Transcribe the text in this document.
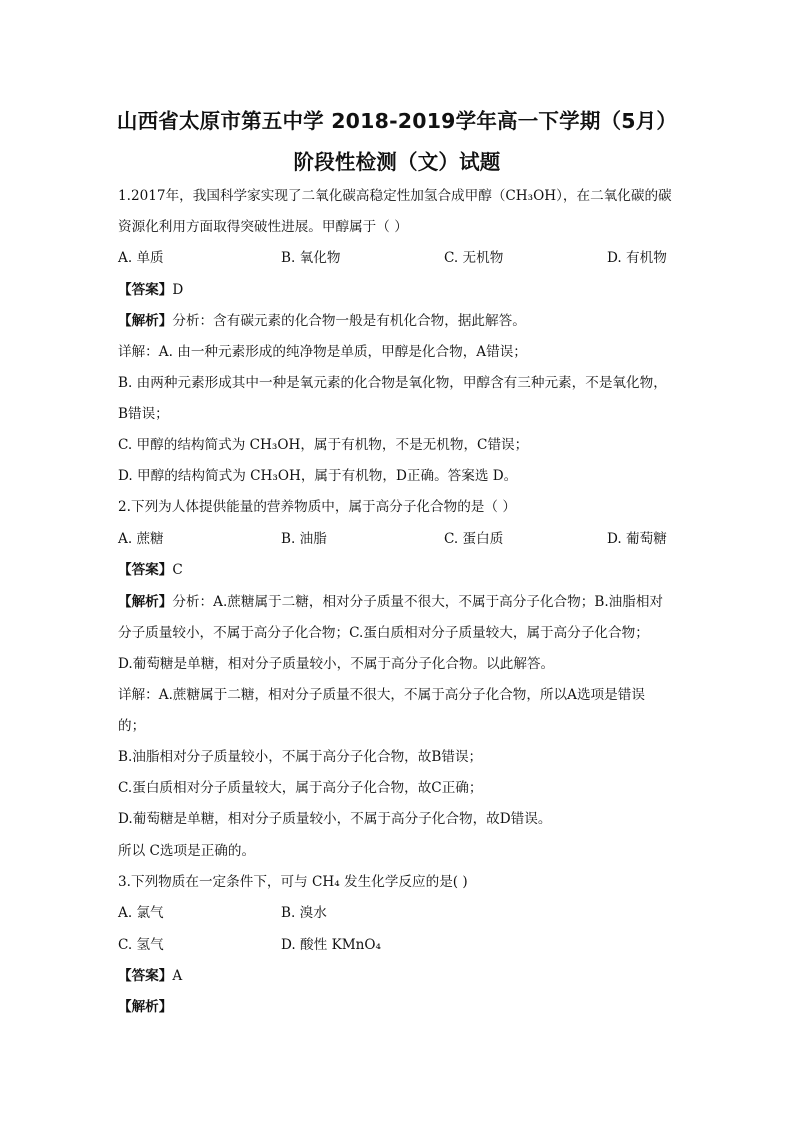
山西省太原市第五中学 2018-2019学年高一下学期（5月）
阶段性检测（文）试题
1.2017年，我国科学家实现了二氧化碳高稳定性加氢合成甲醇（CH₃OH），在二氧化碳的碳
资源化利用方面取得突破性进展。甲醇属于（ ）
A. 单质	B. 氧化物	C. 无机物	D. 有机物
【答案】D
【解析】分析：含有碳元素的化合物一般是有机化合物，据此解答。
详解：A. 由一种元素形成的纯净物是单质，甲醇是化合物，A错误；
B. 由两种元素形成其中一种是氧元素的化合物是氧化物，甲醇含有三种元素，不是氧化物，
B错误；
C. 甲醇的结构简式为 CH₃OH，属于有机物，不是无机物，C错误；
D. 甲醇的结构简式为 CH₃OH，属于有机物，D正确。答案选 D。
2.下列为人体提供能量的营养物质中，属于高分子化合物的是（ ）
A. 蔗糖	B. 油脂	C. 蛋白质	D. 葡萄糖
【答案】C
【解析】分析：A.蔗糖属于二糖，相对分子质量不很大，不属于高分子化合物；B.油脂相对
分子质量较小，不属于高分子化合物；C.蛋白质相对分子质量较大，属于高分子化合物；
D.葡萄糖是单糖，相对分子质量较小，不属于高分子化合物。以此解答。
详解：A.蔗糖属于二糖，相对分子质量不很大，不属于高分子化合物，所以A选项是错误
的；
B.油脂相对分子质量较小，不属于高分子化合物，故B错误；
C.蛋白质相对分子质量较大，属于高分子化合物，故C正确；
D.葡萄糖是单糖，相对分子质量较小，不属于高分子化合物，故D错误。
所以 C选项是正确的。
3.下列物质在一定条件下，可与 CH₄ 发生化学反应的是( )
A. 氯气	B. 溴水
C. 氢气	D. 酸性 KMnO₄
【答案】A
【解析】
